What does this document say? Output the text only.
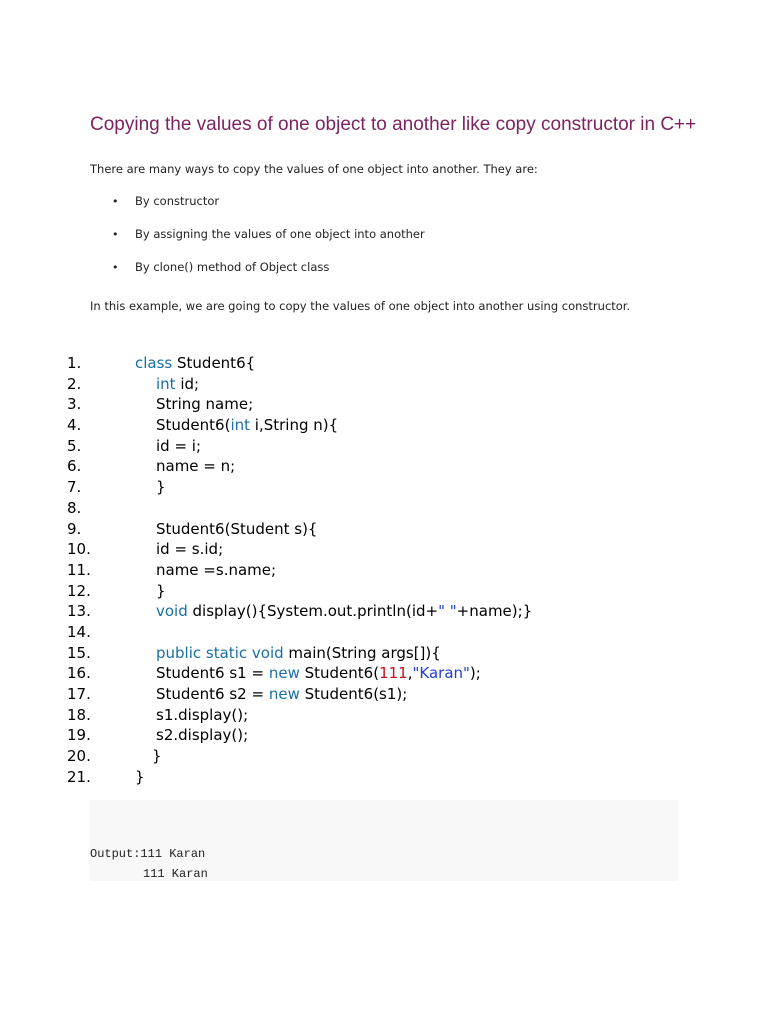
Copying the values of one object to another like copy constructor in C++

There are many ways to copy the values of one object into another. They are:

• By constructor
• By assigning the values of one object into another
• By clone() method of Object class

In this example, we are going to copy the values of one object into another using constructor.

1.	class Student6{
2.	int id;
3.	String name;
4.	Student6(int i,String n){
5.	id = i;
6.	name = n;
7.	}
8.
9.	Student6(Student s){
10.	id = s.id;
11.	name =s.name;
12.	}
13.	void display(){System.out.println(id+" "+name);}
14.
15.	public static void main(String args[]){
16.	Student6 s1 = new Student6(111,"Karan");
17.	Student6 s2 = new Student6(s1);
18.	s1.display();
19.	s2.display();
20.	}
21.	}
Output:111 Karan
111 Karan
